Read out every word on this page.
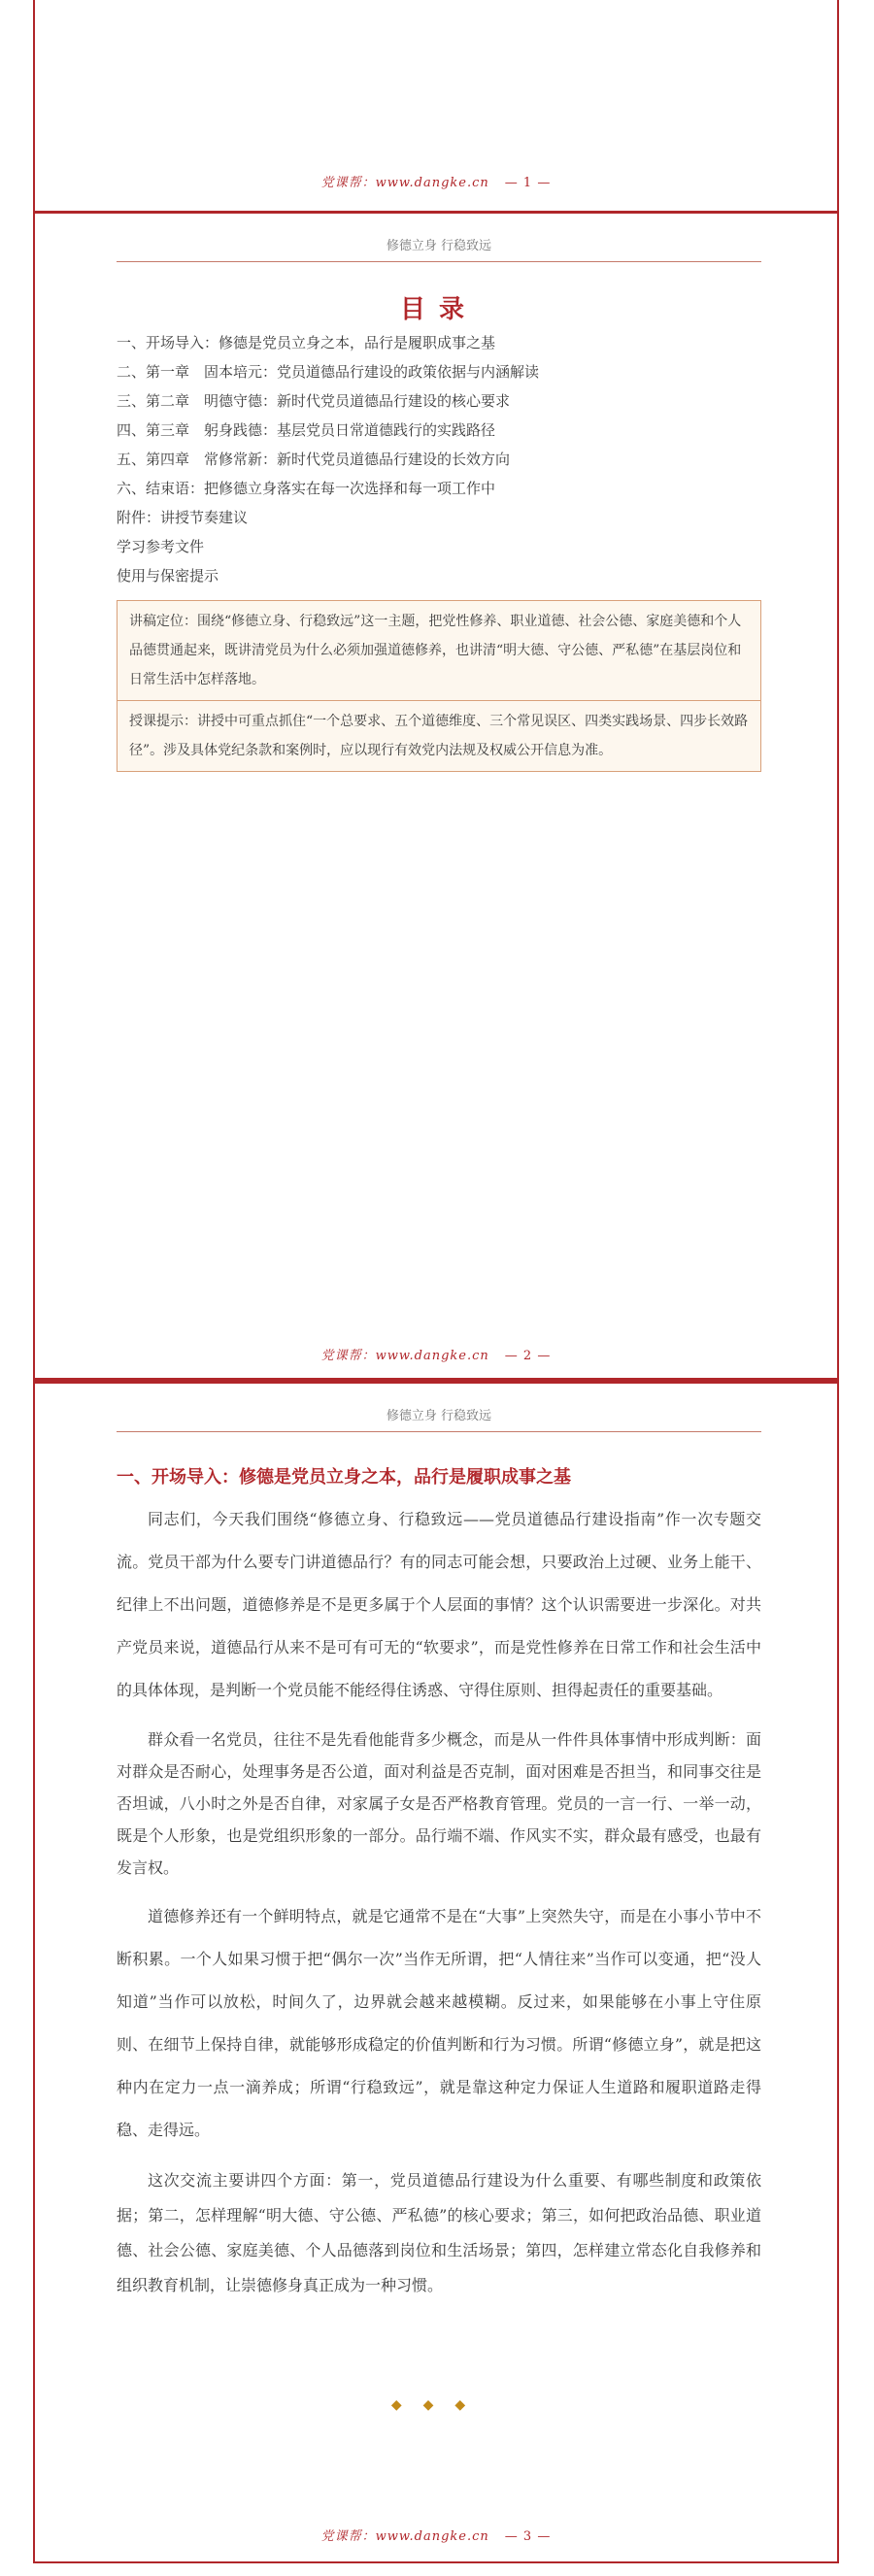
党课帮：www.dangke.cn — 1 —
修德立身 行稳致远
目录
一、开场导入：修德是党员立身之本，品行是履职成事之基
二、第一章　固本培元：党员道德品行建设的政策依据与内涵解读
三、第二章　明德守德：新时代党员道德品行建设的核心要求
四、第三章　躬身践德：基层党员日常道德践行的实践路径
五、第四章　常修常新：新时代党员道德品行建设的长效方向
六、结束语：把修德立身落实在每一次选择和每一项工作中
附件：讲授节奏建议
学习参考文件
使用与保密提示
讲稿定位：围绕“修德立身、行稳致远”这一主题，把党性修养、职业道德、社会公德、家庭美德和个人品德贯通起来，既讲清党员为什么必须加强道德修养，也讲清“明大德、守公德、严私德”在基层岗位和日常生活中怎样落地。
授课提示：讲授中可重点抓住“一个总要求、五个道德维度、三个常见误区、四类实践场景、四步长效路径”。涉及具体党纪条款和案例时，应以现行有效党内法规及权威公开信息为准。
党课帮：www.dangke.cn — 2 —
修德立身 行稳致远
一、开场导入：修德是党员立身之本，品行是履职成事之基

同志们，今天我们围绕“修德立身、行稳致远——党员道德品行建设指南”作一次专题交流。党员干部为什么要专门讲道德品行？有的同志可能会想，只要政治上过硬、业务上能干、纪律上不出问题，道德修养是不是更多属于个人层面的事情？这个认识需要进一步深化。对共产党员来说，道德品行从来不是可有可无的“软要求”，而是党性修养在日常工作和社会生活中的具体体现，是判断一个党员能不能经得住诱惑、守得住原则、担得起责任的重要基础。

群众看一名党员，往往不是先看他能背多少概念，而是从一件件具体事情中形成判断：面对群众是否耐心，处理事务是否公道，面对利益是否克制，面对困难是否担当，和同事交往是否坦诚，八小时之外是否自律，对家属子女是否严格教育管理。党员的一言一行、一举一动，既是个人形象，也是党组织形象的一部分。品行端不端、作风实不实，群众最有感受，也最有发言权。

道德修养还有一个鲜明特点，就是它通常不是在“大事”上突然失守，而是在小事小节中不断积累。一个人如果习惯于把“偶尔一次”当作无所谓，把“人情往来”当作可以变通，把“没人知道”当作可以放松，时间久了，边界就会越来越模糊。反过来，如果能够在小事上守住原则、在细节上保持自律，就能够形成稳定的价值判断和行为习惯。所谓“修德立身”，就是把这种内在定力一点一滴养成；所谓“行稳致远”，就是靠这种定力保证人生道路和履职道路走得稳、走得远。

这次交流主要讲四个方面：第一，党员道德品行建设为什么重要、有哪些制度和政策依据；第二，怎样理解“明大德、守公德、严私德”的核心要求；第三，如何把政治品德、职业道德、社会公德、家庭美德、个人品德落到岗位和生活场景；第四，怎样建立常态化自我修养和组织教育机制，让崇德修身真正成为一种习惯。

◆◆◆
党课帮：www.dangke.cn — 3 —
